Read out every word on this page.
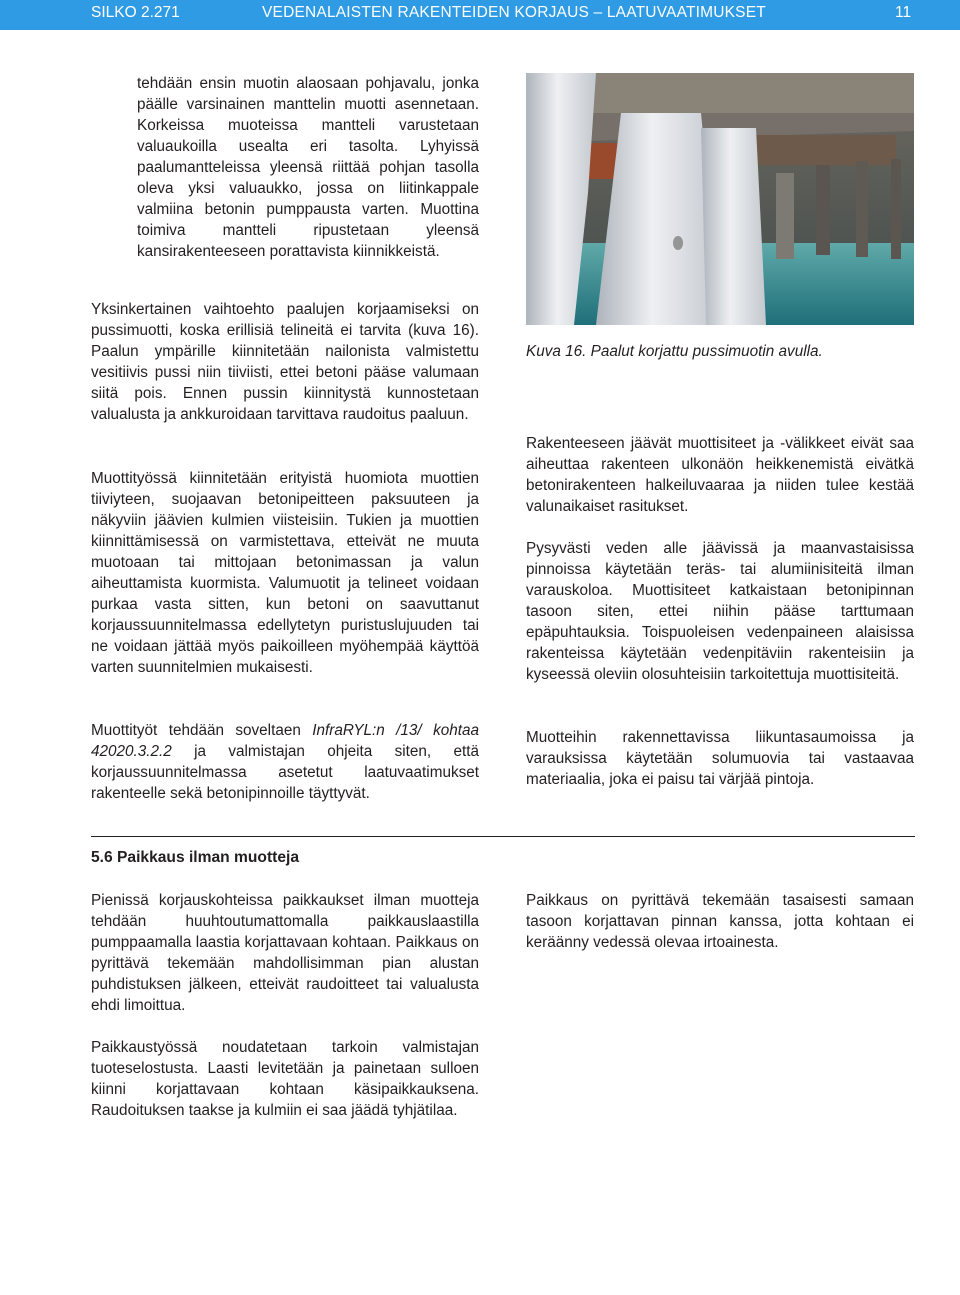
SILKO 2.271	VEDENALAISTEN RAKENTEIDEN KORJAUS – LAATUVAATIMUKSET	11

tehdään ensin muotin alaosaan pohjavalu, jonka päälle varsinainen manttelin muotti asennetaan. Korkeissa muoteissa mantteli varustetaan valuaukoilla usealta eri tasolta. Lyhyissä paalumantteleissa yleensä riittää pohjan tasolla oleva yksi valuaukko, jossa on liitinkappale valmiina betonin pumppausta varten. Muottina toimiva mantteli ripustetaan yleensä kansirakenteeseen porattavista kiinnikkeistä.

Yksinkertainen vaihtoehto paalujen korjaamiseksi on pussimuotti, koska erillisiä telineitä ei tarvita (kuva 16). Paalun ympärille kiinnitetään nailonista valmistettu vesitiivis pussi niin tiiviisti, ettei betoni pääse valumaan siitä pois. Ennen pussin kiinnitystä kunnostetaan valualusta ja ankkuroidaan tarvittava raudoitus paaluun.

Muottityössä kiinnitetään erityistä huomiota muottien tiiviyteen, suojaavan betonipeitteen paksuuteen ja näkyviin jäävien kulmien viisteisiin. Tukien ja muottien kiinnittämisessä on varmistettava, etteivät ne muuta muotoaan tai mittojaan betonimassan ja valun aiheuttamista kuormista. Valumuotit ja telineet voidaan purkaa vasta sitten, kun betoni on saavuttanut korjaussuunnitelmassa edellytetyn puristuslujuuden tai ne voidaan jättää myös paikoilleen myöhempää käyttöä varten suunnitelmien mukaisesti.

Muottityöt tehdään soveltaen InfraRYL:n /13/ kohtaa 42020.3.2.2 ja valmistajan ohjeita siten, että korjaussuunnitelmassa asetetut laatuvaatimukset rakenteelle sekä betonipinnoille täyttyvät.

Kuva 16. Paalut korjattu pussimuotin avulla.

Rakenteeseen jäävät muottisiteet ja -välikkeet eivät saa aiheuttaa rakenteen ulkonäön heikkenemistä eivätkä betonirakenteen halkeiluvaaraa ja niiden tulee kestää valunaikaiset rasitukset.

Pysyvästi veden alle jäävissä ja maanvastaisissa pinnoissa käytetään teräs- tai alumiinisiteitä ilman varauskoloa. Muottisiteet katkaistaan betonipinnan tasoon siten, ettei niihin pääse tarttumaan epäpuhtauksia. Toispuoleisen vedenpaineen alaisissa rakenteissa käytetään vedenpitäviin rakenteisiin ja kyseessä oleviin olosuhteisiin tarkoitettuja muottisiteitä.

Muotteihin rakennettavissa liikuntasaumoissa ja varauksissa käytetään solumuovia tai vastaavaa materiaalia, joka ei paisu tai värjää pintoja.

5.6 Paikkaus ilman muotteja

Pienissä korjauskohteissa paikkaukset ilman muotteja tehdään huuhtoutumattomalla paikkauslaastilla pumppaamalla laastia korjattavaan kohtaan. Paikkaus on pyrittävä tekemään mahdollisimman pian alustan puhdistuksen jälkeen, etteivät raudoitteet tai valualusta ehdi limoittua.

Paikkaustyössä noudatetaan tarkoin valmistajan tuoteselostusta. Laasti levitetään ja painetaan sulloen kiinni korjattavaan kohtaan käsipaikkauksena. Raudoituksen taakse ja kulmiin ei saa jäädä tyhjätilaa.

Paikkaus on pyrittävä tekemään tasaisesti samaan tasoon korjattavan pinnan kanssa, jotta kohtaan ei keräänny vedessä olevaa irtoainesta.
